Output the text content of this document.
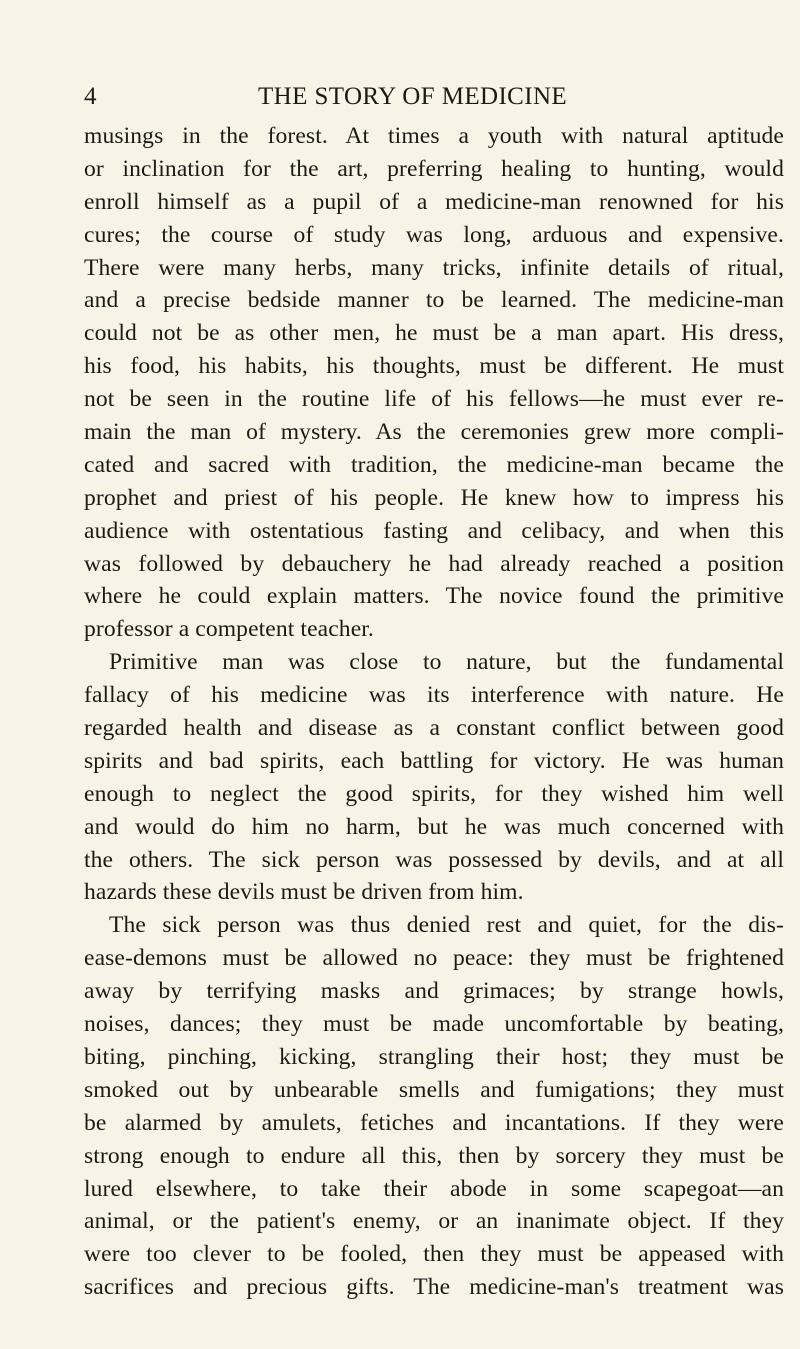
4	THE STORY OF MEDICINE
musings in the forest. At times a youth with natural aptitude
or inclination for the art, preferring healing to hunting, would
enroll himself as a pupil of a medicine-man renowned for his
cures; the course of study was long, arduous and expensive.
There were many herbs, many tricks, infinite details of ritual,
and a precise bedside manner to be learned. The medicine-man
could not be as other men, he must be a man apart. His dress,
his food, his habits, his thoughts, must be different. He must
not be seen in the routine life of his fellows—he must ever re-
main the man of mystery. As the ceremonies grew more compli-
cated and sacred with tradition, the medicine-man became the
prophet and priest of his people. He knew how to impress his
audience with ostentatious fasting and celibacy, and when this
was followed by debauchery he had already reached a position
where he could explain matters. The novice found the primitive
professor a competent teacher.
Primitive man was close to nature, but the fundamental
fallacy of his medicine was its interference with nature. He
regarded health and disease as a constant conflict between good
spirits and bad spirits, each battling for victory. He was human
enough to neglect the good spirits, for they wished him well
and would do him no harm, but he was much concerned with
the others. The sick person was possessed by devils, and at all
hazards these devils must be driven from him.
The sick person was thus denied rest and quiet, for the dis-
ease-demons must be allowed no peace: they must be frightened
away by terrifying masks and grimaces; by strange howls,
noises, dances; they must be made uncomfortable by beating,
biting, pinching, kicking, strangling their host; they must be
smoked out by unbearable smells and fumigations; they must
be alarmed by amulets, fetiches and incantations. If they were
strong enough to endure all this, then by sorcery they must be
lured elsewhere, to take their abode in some scapegoat—an
animal, or the patient's enemy, or an inanimate object. If they
were too clever to be fooled, then they must be appeased with
sacrifices and precious gifts. The medicine-man's treatment was
